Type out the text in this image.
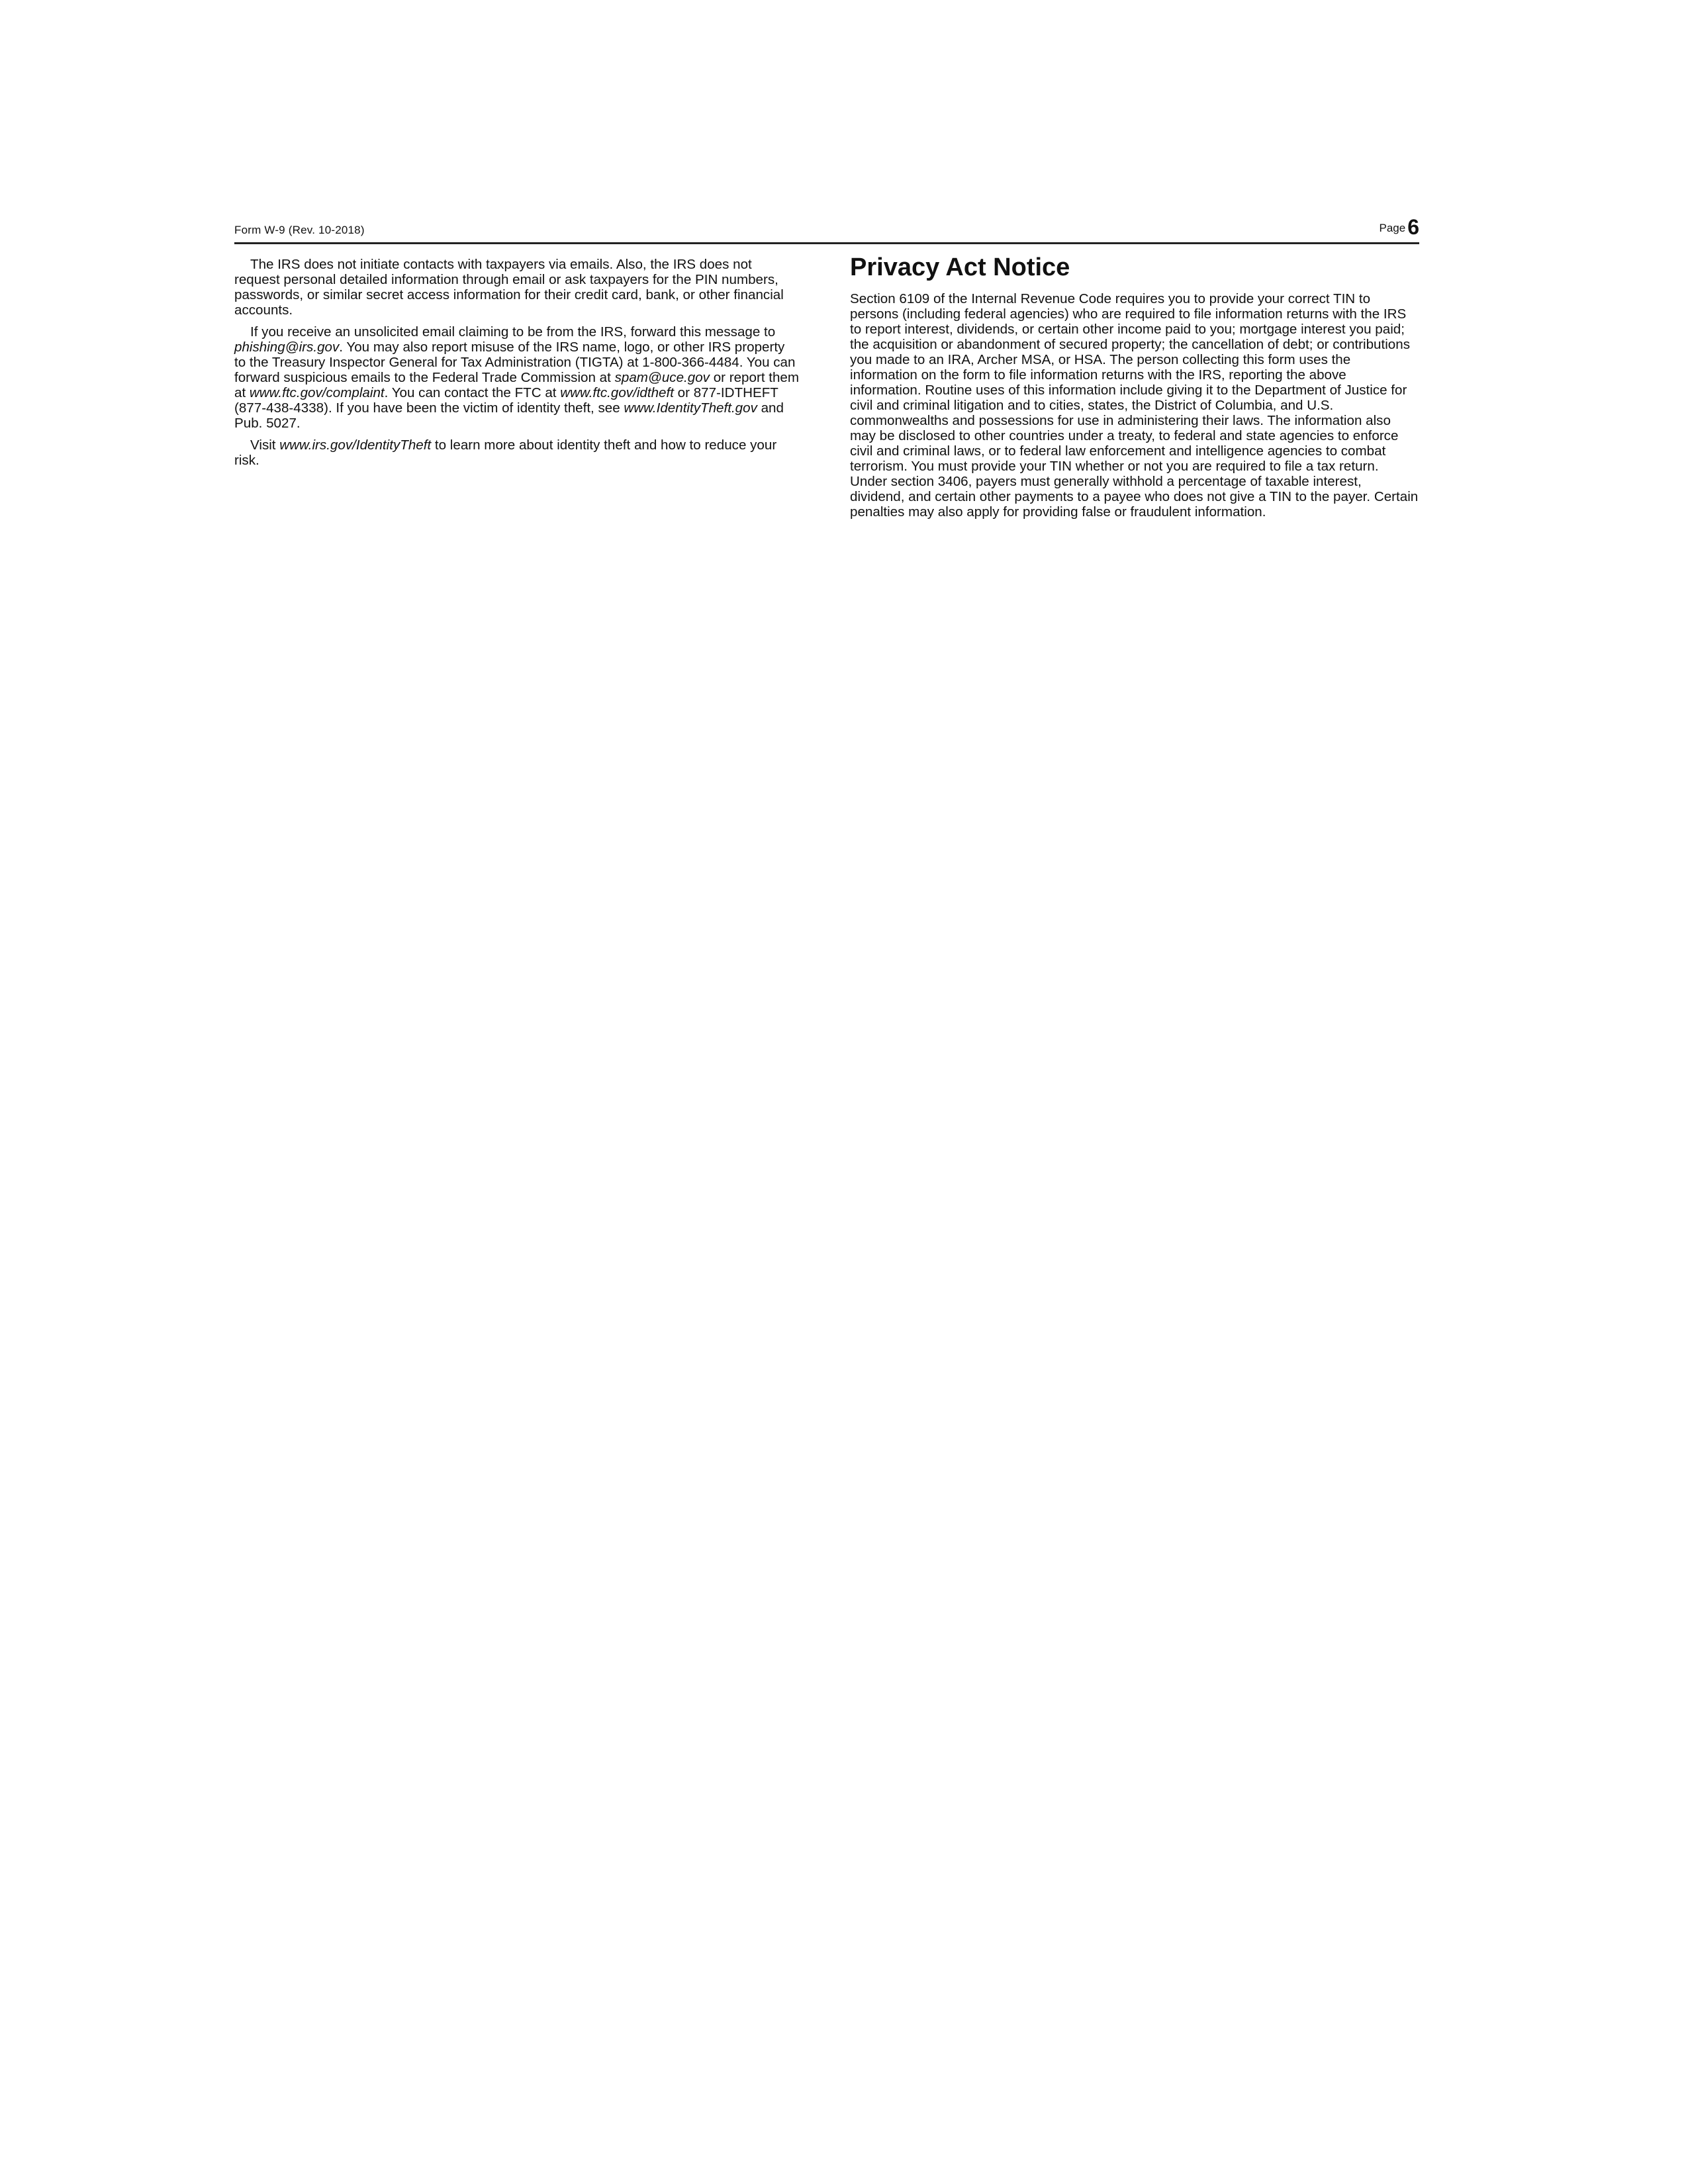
Form W-9 (Rev. 10-2018)	Page6

The IRS does not initiate contacts with taxpayers via emails. Also, the IRS does not request personal detailed information through email or ask taxpayers for the PIN numbers, passwords, or similar secret access information for their credit card, bank, or other financial accounts.

If you receive an unsolicited email claiming to be from the IRS, forward this message to phishing@irs.gov. You may also report misuse of the IRS name, logo, or other IRS property to the Treasury Inspector General for Tax Administration (TIGTA) at 1-800-366-4484. You can forward suspicious emails to the Federal Trade Commission at spam@uce.gov or report them at www.ftc.gov/complaint. You can contact the FTC at www.ftc.gov/idtheft or 877-IDTHEFT (877-438-4338). If you have been the victim of identity theft, see www.IdentityTheft.gov and Pub. 5027.

Visit www.irs.gov/IdentityTheft to learn more about identity theft and how to reduce your risk.

Privacy Act Notice

Section 6109 of the Internal Revenue Code requires you to provide your correct TIN to persons (including federal agencies) who are required to file information returns with the IRS to report interest, dividends, or certain other income paid to you; mortgage interest you paid; the acquisition or abandonment of secured property; the cancellation of debt; or contributions you made to an IRA, Archer MSA, or HSA. The person collecting this form uses the information on the form to file information returns with the IRS, reporting the above information. Routine uses of this information include giving it to the Department of Justice for civil and criminal litigation and to cities, states, the District of Columbia, and U.S. commonwealths and possessions for use in administering their laws. The information also may be disclosed to other countries under a treaty, to federal and state agencies to enforce civil and criminal laws, or to federal law enforcement and intelligence agencies to combat terrorism. You must provide your TIN whether or not you are required to file a tax return. Under section 3406, payers must generally withhold a percentage of taxable interest, dividend, and certain other payments to a payee who does not give a TIN to the payer. Certain penalties may also apply for providing false or fraudulent information.
